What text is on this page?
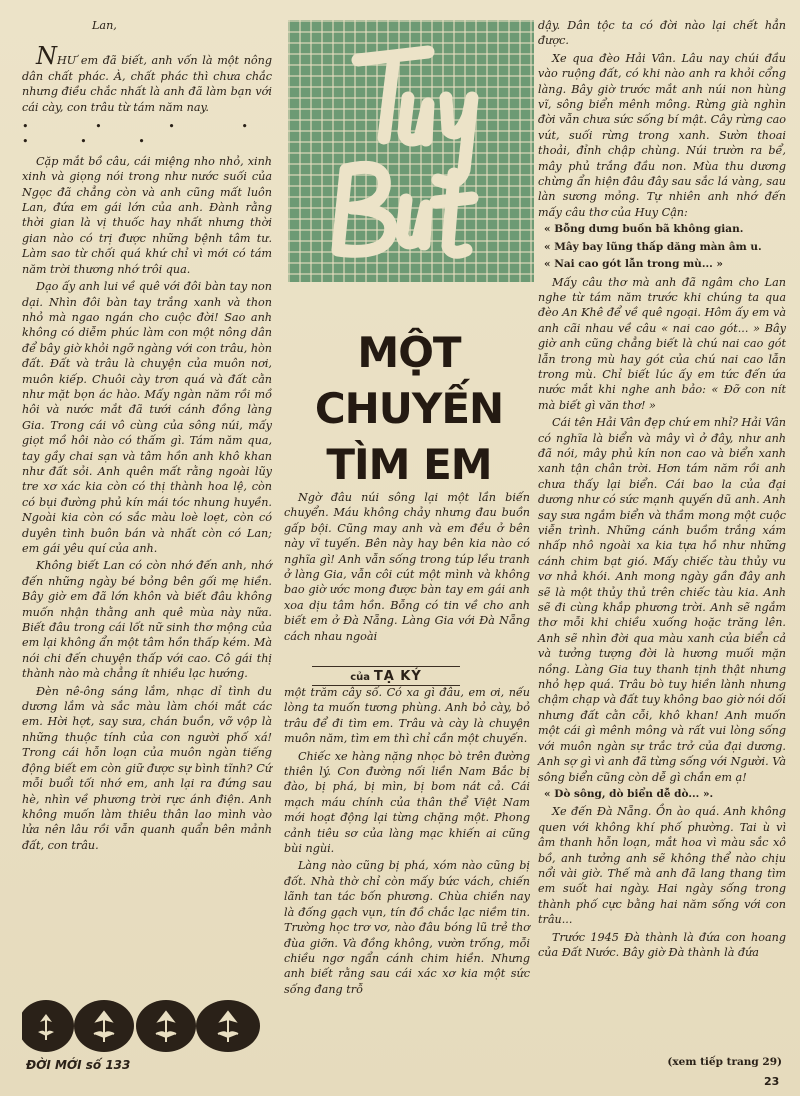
Lan,

NHƯ em đã biết, anh vốn là một nông dân chất phác. À, chất phác thì chưa chắc nhưng điều chắc nhất là anh đã làm bạn với cái cày, con trâu từ tám năm nay.

• • • • • • •

Cặp mắt bồ câu, cái miệng nho nhỏ, xinh xinh và giọng nói trong như nước suối của Ngọc đã chẳng còn và anh cũng mất luôn Lan, đứa em gái lớn của anh. Đành rằng thời gian là vị thuốc hay nhất nhưng thời gian nào có trị được những bệnh tâm tư. Làm sao từ chối quá khứ chỉ vì mới có tám năm trời thương nhớ trôi qua.

Dạo ấy anh lui về quê với đôi bàn tay non dại. Nhìn đôi bàn tay trắng xanh và thon nhỏ mà ngao ngán cho cuộc đời! Sao anh không có diễm phúc làm con một nông dân để bây giờ khỏi ngỡ ngàng với con trâu, hòn đất. Đất và trâu là chuyện của muôn nơi, muôn kiếp. Chuôi cày trơn quá và đất cằn như mặt bọn ác hào. Mấy ngàn năm rồi mồ hôi và nước mắt đã tưới cánh đồng làng Gia. Trong cái vô cùng của sông núi, mấy giọt mồ hôi nào có thấm gì. Tám năm qua, tay gầy chai sạn và tâm hồn anh khô khan như đất sỏi. Anh quên mất rằng ngoài lũy tre xơ xác kia còn có thị thành hoa lệ, còn có bụi đường phủ kín mái tóc nhung huyền. Ngoài kia còn có sắc màu loè loẹt, còn có duyên tình buôn bán và nhất còn có Lan; em gái yêu quí của anh.

Không biết Lan có còn nhớ đến anh, nhớ đến những ngày bé bỏng bên gối mẹ hiền. Bây giờ em đã lớn khôn và biết đâu không muốn nhận thằng anh quê mùa này nữa. Biết đâu trong cái lốt nữ sinh thơ mộng của em lại không ẩn một tâm hồn thấp kém. Mà nói chi đến chuyện thấp với cao. Cô gái thị thành nào mà chẳng ít nhiều lạc hướng.

Đèn nê-ông sáng lắm, nhạc dỉ tình du dương lắm và sắc màu làm chói mắt các em. Hời hợt, say sưa, chán buồn, vỡ vộp là những thuộc tính của con người phố xá! Trong cái hỗn loạn của muôn ngàn tiếng động biết em còn giữ được sự bình tĩnh? Cứ mỗi buổi tối nhớ em, anh lại ra đứng sau hè, nhìn về phương trời rực ánh điện. Anh không muốn làm thiêu thân lao mình vào lửa nên lâu rồi vẫn quanh quẩn bên mảnh đất, con trâu.

MỘT CHUYẾN
TÌM EM

Ngờ đâu núi sông lại một lần biến chuyển. Máu không chảy nhưng đau buồn gấp bội. Cũng may anh và em đều ở bên này vĩ tuyến. Bên này hay bên kia nào có nghĩa gì! Anh vẫn sống trong túp lều tranh ở làng Gia, vẫn côi cút một mình và không bao giờ ước mong được bàn tay em gái anh xoa dịu tâm hồn. Bỗng có tin về cho anh biết em ở Đà Nẵng. Làng Gia với Đà Nẵng cách nhau ngoài

của TẠ KÝ

một trăm cây số. Có xa gì đâu, em ơi, nếu lòng ta muốn tương phùng. Anh bỏ cày, bỏ trâu để đi tìm em. Trâu và cày là chuyện muôn năm, tìm em thì chỉ cần một chuyến.

Chiếc xe hàng nặng nhọc bò trên đường thiên lý. Con đường nối liền Nam Bắc bị đào, bị phá, bị mìn, bị bom nát cả. Cái mạch máu chính của thân thể Việt Nam mới hoạt động lại từng chặng một. Phong cảnh tiêu sơ của làng mạc khiến ai cũng bùi ngùi.

Làng nào cũng bị phá, xóm nào cũng bị đốt. Nhà thờ chỉ còn mấy bức vách, chiến lãnh tan tác bốn phương. Chùa chiền nay là đống gạch vụn, tín đồ chắc lạc niềm tin. Trường học trơ vơ, nào đâu bóng lũ trẻ thơ đùa giỡn. Và đồng không, vườn trống, mỗi chiều ngơ ngẩn cánh chim hiền. Nhưng anh biết rằng sau cái xác xơ kia một sức sống đang trỗ

dậy. Dân tộc ta có đời nào lại chết hẳn được.

Xe qua đèo Hải Vân. Lâu nay chúi đầu vào ruộng đất, có khi nào anh ra khỏi cổng làng. Bây giờ trước mắt anh núi non hùng vĩ, sông biển mênh mông. Rừng già nghìn đời vẫn chưa sức sống bí mật. Cây rừng cao vút, suối rừng trong xanh. Sườn thoai thoải, đỉnh chập chùng. Núi trườn ra bể, mây phủ trắng đầu non. Mùa thu dương chừng ẩn hiện đâu đây sau sắc lá vàng, sau làn sương mỏng. Tự nhiên anh nhớ đến mấy câu thơ của Huy Cận:

« Bỗng dưng buồn bã không gian.

« Mây bay lũng thấp dăng màn âm u.

« Nai cao gót lẫn trong mù... »

Mấy câu thơ mà anh đã ngâm cho Lan nghe từ tám năm trước khi chúng ta qua đèo An Khê để về quê ngoại. Hôm ấy em và anh cãi nhau về câu « nai cao gót... » Bây giờ anh cũng chẳng biết là chú nai cao gót lẫn trong mù hay gót của chú nai cao lẫn trong mù. Chỉ biết lúc ấy em tức đến ứa nước mắt khi nghe anh bảo: « Đỡ con nít mà biết gì văn thơ! »

Cái tên Hải Vân đẹp chứ em nhỉ? Hải Vân có nghĩa là biển và mây vì ở đây, như anh đã nói, mây phủ kín non cao và biển xanh xanh tận chân trời. Hơn tám năm rồi anh chưa thấy lại biển. Cái bao la của đại dương như có sức mạnh quyến dũ anh. Anh say sưa ngắm biển và thầm mong một cuộc viễn trình. Những cánh buồm trắng xám nhấp nhô ngoài xa kia tựa hồ như những cánh chim bạt gió. Mấy chiếc tàu thủy vu vơ nhả khói. Anh mong ngày gần đây anh sẽ là một thủy thủ trên chiếc tàu kia. Anh sẽ đi cùng khắp phương trời. Anh sẽ ngắm thơ mỗi khi chiều xuống hoặc trăng lên. Anh sẽ nhìn đời qua màu xanh của biển cả và tưởng tượng đời là hương muối mặn nồng. Làng Gia tuy thanh tịnh thật nhưng nhỏ hẹp quá. Trâu bò tuy hiền lành nhưng chậm chạp và đất tuy không bao giờ nói dối nhưng đất cằn cỗi, khô khan! Anh muốn một cái gì mênh mông và rất vui lòng sống với muôn ngàn sự trắc trở của đại dương. Anh sợ gì vì anh đã từng sống với Người. Và sông biển cũng còn dễ gì chắn em ạ!

« Dò sông, dò biển dễ dò... ».

Xe đến Đà Nẵng. Ồn ào quá. Anh không quen với không khí phố phường. Tai ù vì âm thanh hỗn loạn, mắt hoa vì màu sắc xô bồ, anh tưởng anh sẽ không thể nào chịu nổi vài giờ. Thế mà anh đã lang thang tìm em suốt hai ngày. Hai ngày sống trong thành phố cực bằng hai năm sống với con trâu...

Trước 1945 Đà thành là đứa con hoang của Đất Nước. Bây giờ Đà thành là đứa

(xem tiếp trang 29)
ĐỜI MỚI số 133
23
